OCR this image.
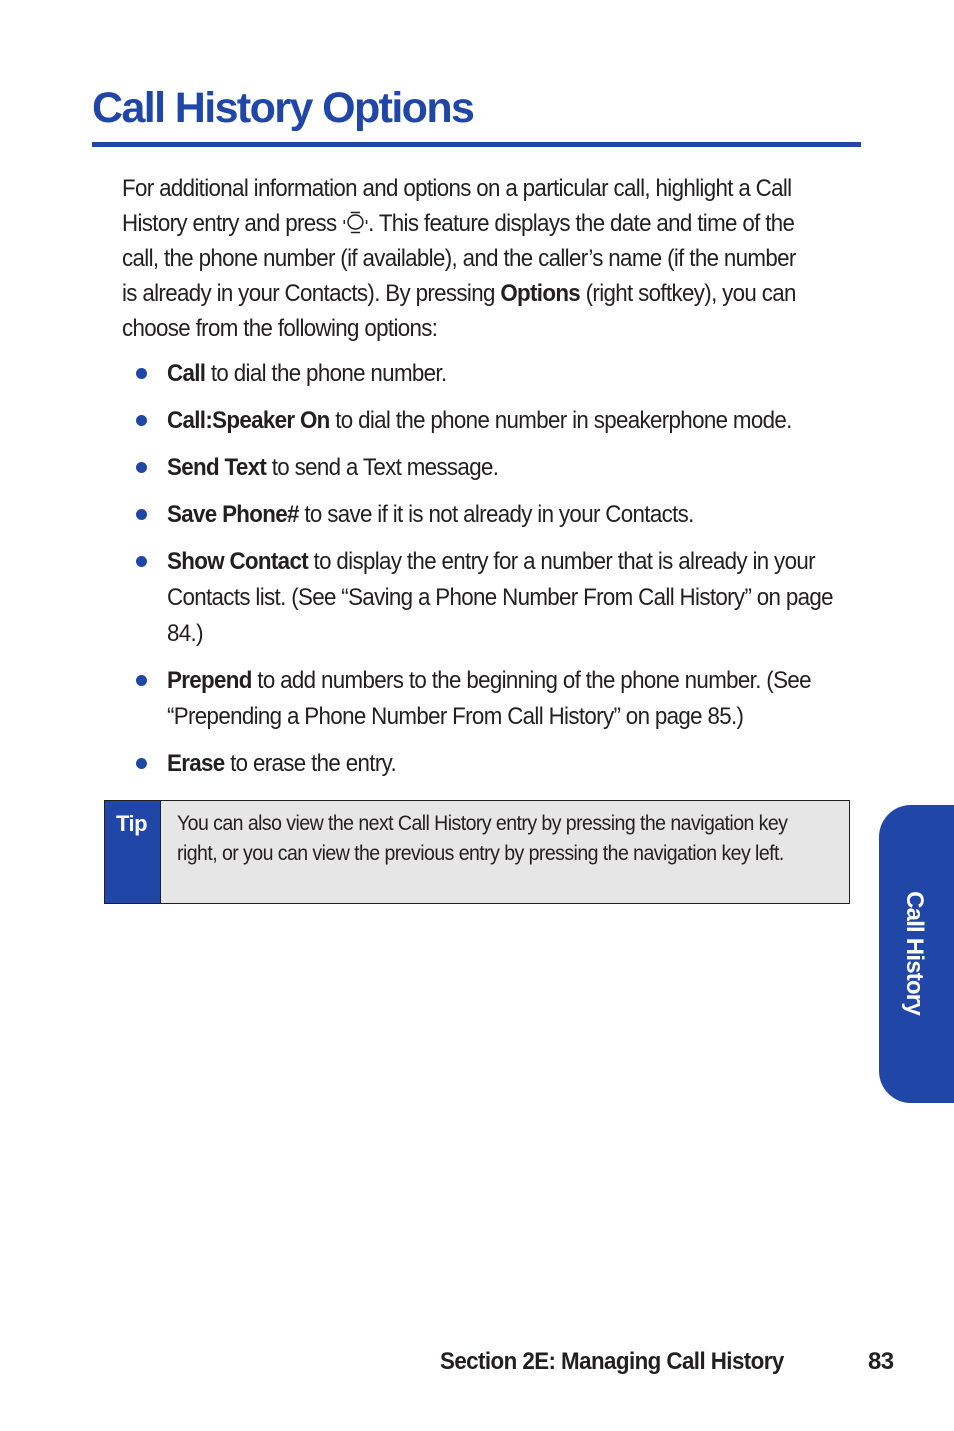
Call History Options

For additional information and options on a particular call, highlight a Call History entry and press . This feature displays the date and time of the call, the phone number (if available), and the caller’s name (if the number is already in your Contacts). By pressing Options (right softkey), you can choose from the following options:

Call to dial the phone number.
Call:Speaker On to dial the phone number in speakerphone mode.
Send Text to send a Text message.
Save Phone# to save if it is not already in your Contacts.
Show Contact to display the entry for a number that is already in your Contacts list. (See “Saving a Phone Number From Call History” on page 84.)
Prepend to add numbers to the beginning of the phone number. (See “Prepending a Phone Number From Call History” on page 85.)
Erase to erase the entry.
Tip	You can also view the next Call History entry by pressing the navigation key right, or you can view the previous entry by pressing the navigation key left.
Call History
Section 2E: Managing Call History	83
